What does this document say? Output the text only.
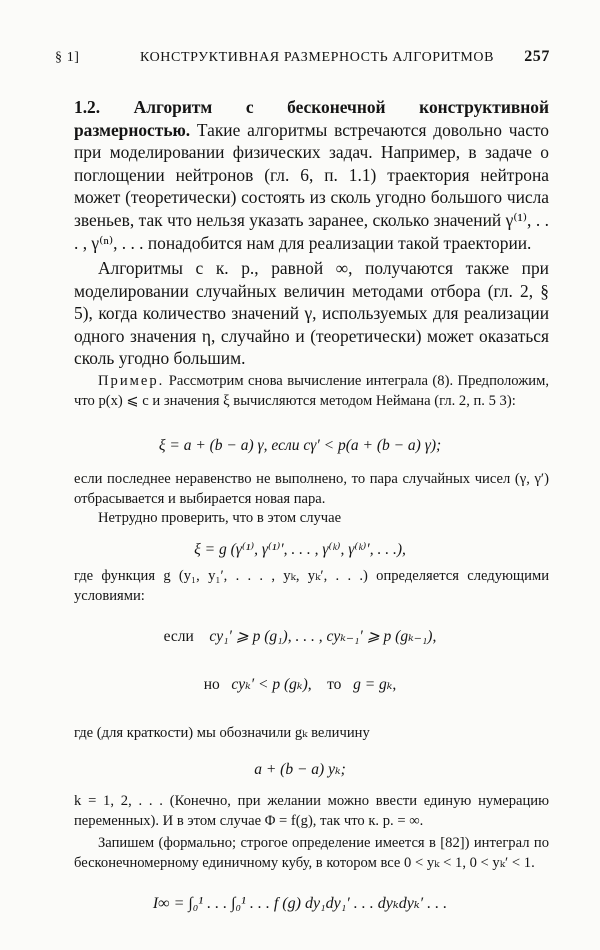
§ 1]	КОНСТРУКТИВНАЯ РАЗМЕРНОСТЬ АЛГОРИТМОВ 257
1.2. Алгоритм с бесконечной конструктивной размерностью. Такие алгоритмы встречаются довольно часто при моделировании физических задач. Например, в задаче о поглощении нейтронов (гл. 6, п. 1.1) траектория нейтрона может (теоретически) состоять из сколь угодно большого числа звеньев, так что нельзя указать заранее, сколько значений γ⁽¹⁾, . . . , γ⁽ⁿ⁾, . . . понадобится нам для реализации такой траектории.
Алгоритмы с к. р., равной ∞, получаются также при моделировании случайных величин методами отбора (гл. 2, § 5), когда количество значений γ, используемых для реализации одного значения η, случайно и (теоретически) может оказаться сколь угодно большим.
Пример. Рассмотрим снова вычисление интеграла (8). Предположим, что p(x) ⩽ c и значения ξ вычисляются методом Неймана (гл. 2, п. 5 3):
ξ = a + (b − a) γ, если cγ′ < p(a + (b − a) γ);
если последнее неравенство не выполнено, то пара случайных чисел (γ, γ′) отбрасывается и выбирается новая пара.
Нетрудно проверить, что в этом случае
ξ = g (γ⁽¹⁾, γ⁽¹⁾′, . . . , γ⁽ᵏ⁾, γ⁽ᵏ⁾′, . . .),
где функция g (y₁, y₁′, . . . , yₖ, yₖ′, . . .) определяется следующими условиями:
если cy₁′ ⩾ p (g₁), . . . , cyₖ₋₁′ ⩾ p (gₖ₋₁),
но cyₖ′ < p (gₖ), то g = gₖ,
где (для краткости) мы обозначили gₖ величину
a + (b − a) yₖ;
k = 1, 2, . . . (Конечно, при желании можно ввести единую нумерацию переменных). И в этом случае Φ = f(g), так что к. р. = ∞.
Запишем (формально; строгое определение имеется в [82]) интеграл по бесконечномерному единичному кубу, в котором все 0 < yₖ < 1, 0 < yₖ′ < 1.
I∞ = ∫₀¹ . . . ∫₀¹ . . . f (g) dy₁dy₁′ . . . dyₖdyₖ′ . . .
